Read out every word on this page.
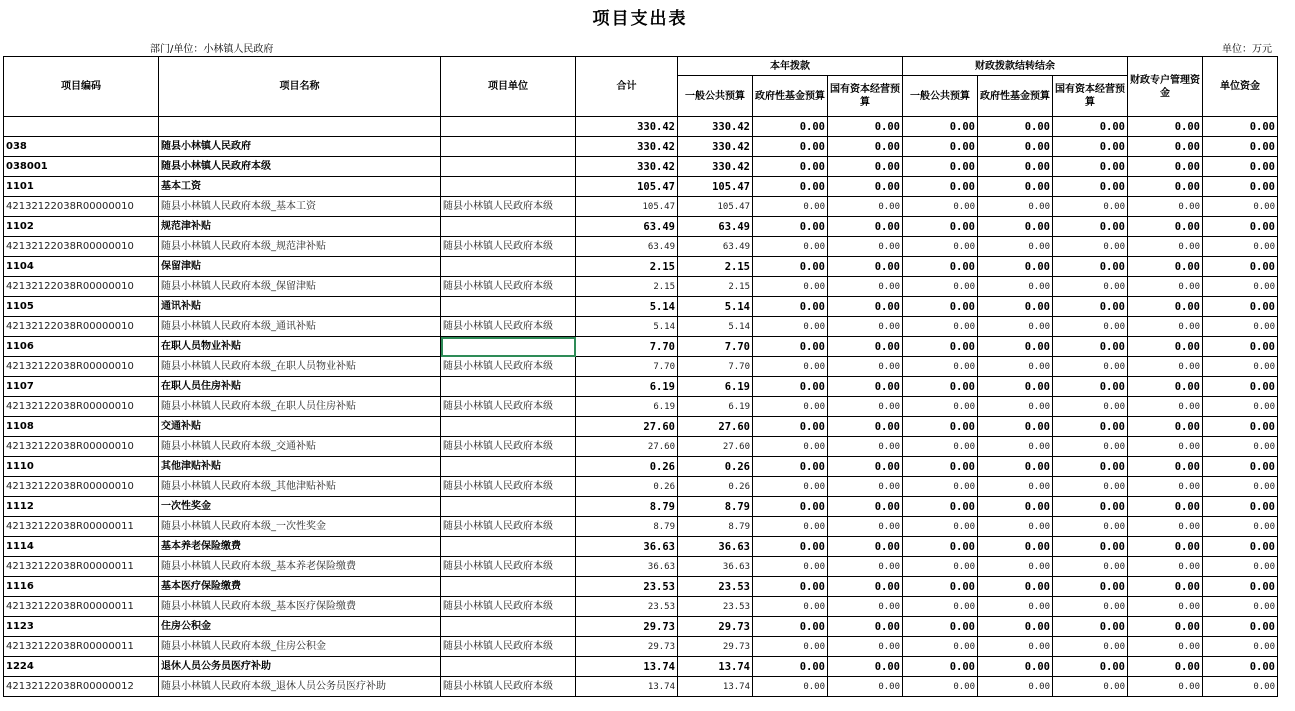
项目支出表
部门/单位：小林镇人民政府	单位：万元
项目编码	项目名称	项目单位	合计	本年拨款			财政拨款结转结余			财政专户管理资金	单位资金
				一般公共预算	政府性基金预算	国有资本经营预算	一般公共预算	政府性基金预算	国有资本经营预算		
			330.42	330.42	0.00	0.00	0.00	0.00	0.00	0.00	0.00
038	随县小林镇人民政府		330.42	330.42	0.00	0.00	0.00	0.00	0.00	0.00	0.00
038001	随县小林镇人民政府本级		330.42	330.42	0.00	0.00	0.00	0.00	0.00	0.00	0.00
1101	基本工资		105.47	105.47	0.00	0.00	0.00	0.00	0.00	0.00	0.00
42132122038R00000010	随县小林镇人民政府本级_基本工资	随县小林镇人民政府本级	105.47	105.47	0.00	0.00	0.00	0.00	0.00	0.00	0.00
1102	规范津补贴		63.49	63.49	0.00	0.00	0.00	0.00	0.00	0.00	0.00
42132122038R00000010	随县小林镇人民政府本级_规范津补贴	随县小林镇人民政府本级	63.49	63.49	0.00	0.00	0.00	0.00	0.00	0.00	0.00
1104	保留津贴		2.15	2.15	0.00	0.00	0.00	0.00	0.00	0.00	0.00
42132122038R00000010	随县小林镇人民政府本级_保留津贴	随县小林镇人民政府本级	2.15	2.15	0.00	0.00	0.00	0.00	0.00	0.00	0.00
1105	通讯补贴		5.14	5.14	0.00	0.00	0.00	0.00	0.00	0.00	0.00
42132122038R00000010	随县小林镇人民政府本级_通讯补贴	随县小林镇人民政府本级	5.14	5.14	0.00	0.00	0.00	0.00	0.00	0.00	0.00
1106	在职人员物业补贴		7.70	7.70	0.00	0.00	0.00	0.00	0.00	0.00	0.00
42132122038R00000010	随县小林镇人民政府本级_在职人员物业补贴	随县小林镇人民政府本级	7.70	7.70	0.00	0.00	0.00	0.00	0.00	0.00	0.00
1107	在职人员住房补贴		6.19	6.19	0.00	0.00	0.00	0.00	0.00	0.00	0.00
42132122038R00000010	随县小林镇人民政府本级_在职人员住房补贴	随县小林镇人民政府本级	6.19	6.19	0.00	0.00	0.00	0.00	0.00	0.00	0.00
1108	交通补贴		27.60	27.60	0.00	0.00	0.00	0.00	0.00	0.00	0.00
42132122038R00000010	随县小林镇人民政府本级_交通补贴	随县小林镇人民政府本级	27.60	27.60	0.00	0.00	0.00	0.00	0.00	0.00	0.00
1110	其他津贴补贴		0.26	0.26	0.00	0.00	0.00	0.00	0.00	0.00	0.00
42132122038R00000010	随县小林镇人民政府本级_其他津贴补贴	随县小林镇人民政府本级	0.26	0.26	0.00	0.00	0.00	0.00	0.00	0.00	0.00
1112	一次性奖金		8.79	8.79	0.00	0.00	0.00	0.00	0.00	0.00	0.00
42132122038R00000011	随县小林镇人民政府本级_一次性奖金	随县小林镇人民政府本级	8.79	8.79	0.00	0.00	0.00	0.00	0.00	0.00	0.00
1114	基本养老保险缴费		36.63	36.63	0.00	0.00	0.00	0.00	0.00	0.00	0.00
42132122038R00000011	随县小林镇人民政府本级_基本养老保险缴费	随县小林镇人民政府本级	36.63	36.63	0.00	0.00	0.00	0.00	0.00	0.00	0.00
1116	基本医疗保险缴费		23.53	23.53	0.00	0.00	0.00	0.00	0.00	0.00	0.00
42132122038R00000011	随县小林镇人民政府本级_基本医疗保险缴费	随县小林镇人民政府本级	23.53	23.53	0.00	0.00	0.00	0.00	0.00	0.00	0.00
1123	住房公积金		29.73	29.73	0.00	0.00	0.00	0.00	0.00	0.00	0.00
42132122038R00000011	随县小林镇人民政府本级_住房公积金	随县小林镇人民政府本级	29.73	29.73	0.00	0.00	0.00	0.00	0.00	0.00	0.00
1224	退休人员公务员医疗补助		13.74	13.74	0.00	0.00	0.00	0.00	0.00	0.00	0.00
42132122038R00000012	随县小林镇人民政府本级_退休人员公务员医疗补助	随县小林镇人民政府本级	13.74	13.74	0.00	0.00	0.00	0.00	0.00	0.00	0.00
